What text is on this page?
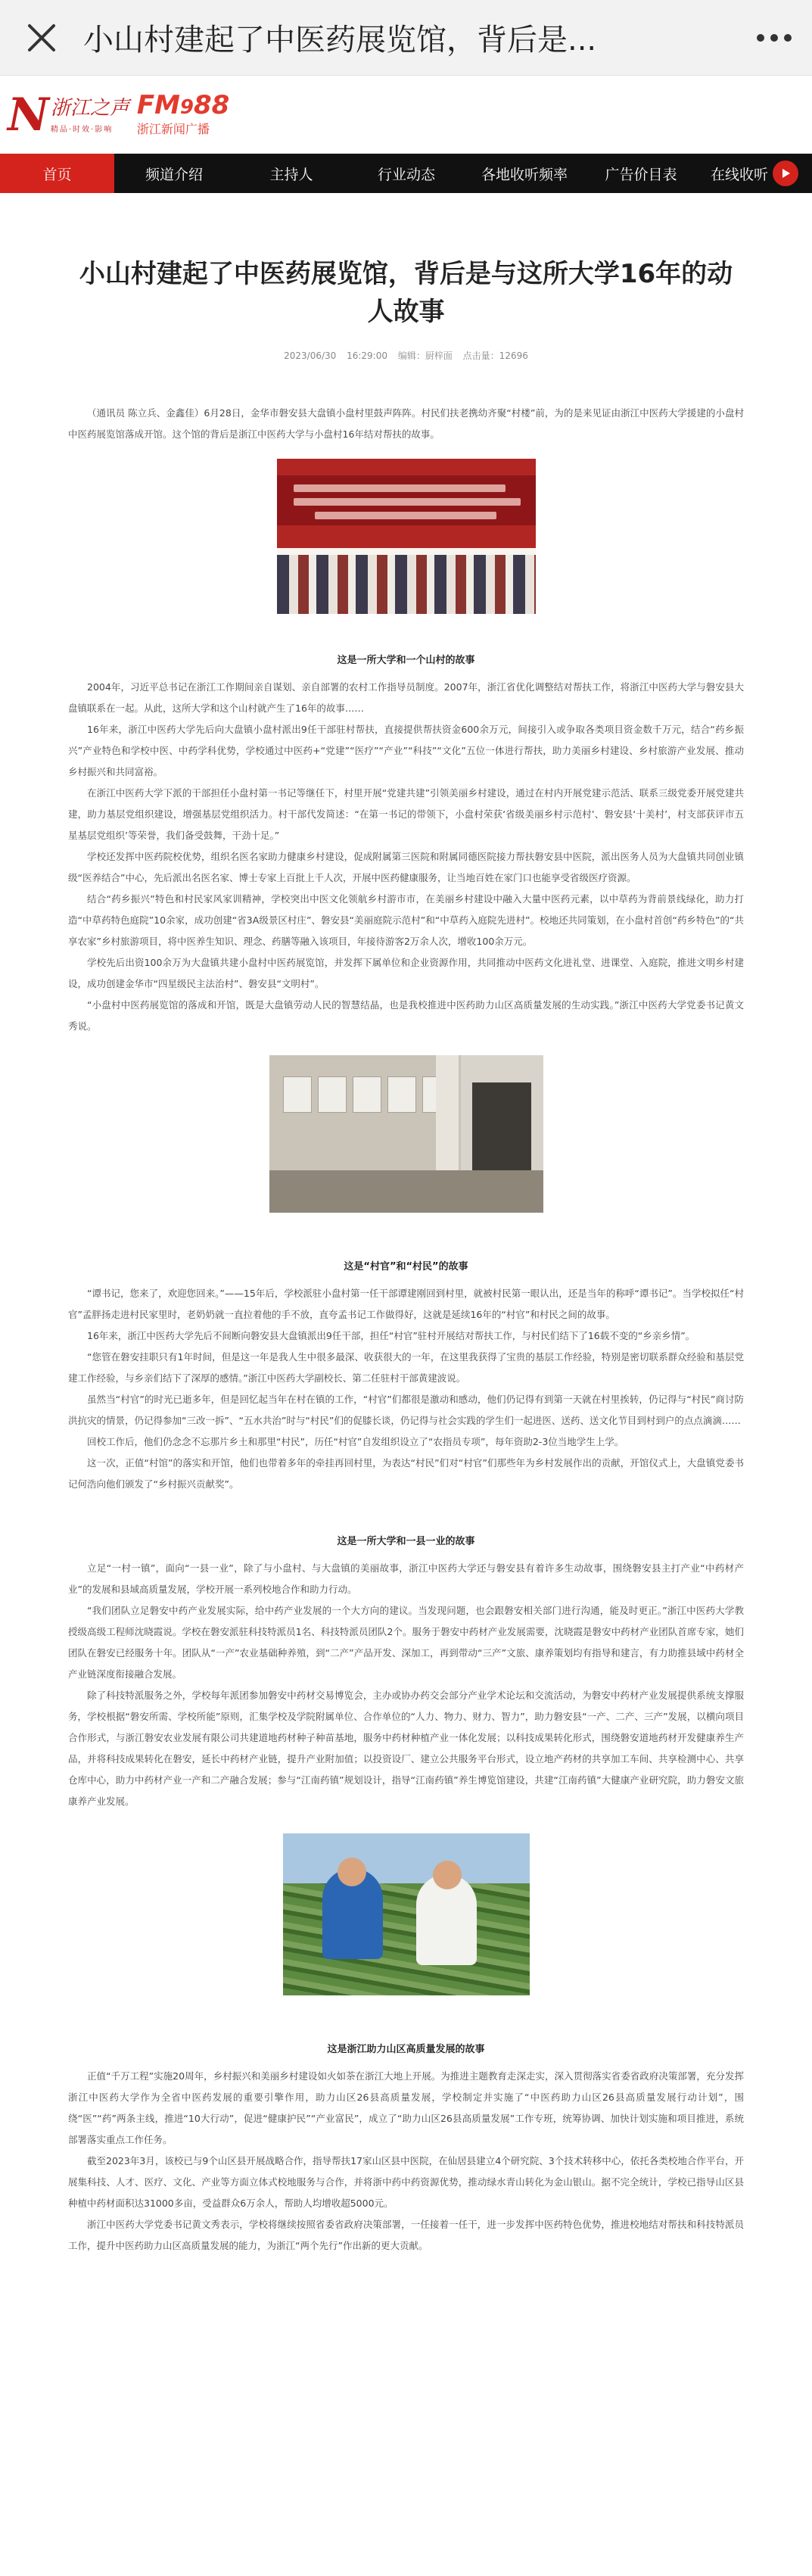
小山村建起了中医药展览馆，背后是...
N 浙江之声
精品·时效·影响
FM988
浙江新闻广播
首页	频道介绍	主持人	行业动态	各地收听频率	广告价目表 在线收听
小山村建起了中医药展览馆，背后是与这所大学16年的动人故事
2023/06/30 16:29:00 编辑：厨梓面 点击量：12696

（通讯员 陈立兵、金鑫佳）6月28日，金华市磐安县大盘镇小盘村里鼓声阵阵。村民们扶老携幼齐聚“村楼”前，为的是来见证由浙江中医药大学援建的小盘村中医药展览馆落成开馆。这个馆的背后是浙江中医药大学与小盘村16年结对帮扶的故事。

这是一所大学和一个山村的故事

2004年，习近平总书记在浙江工作期间亲自谋划、亲自部署的农村工作指导员制度。2007年，浙江省优化调整结对帮扶工作，将浙江中医药大学与磐安县大盘镇联系在一起。从此，这所大学和这个山村就产生了16年的故事……

16年来，浙江中医药大学先后向大盘镇小盘村派出9任干部驻村帮扶，直接提供帮扶资金600余万元，间接引入或争取各类项目资金数千万元，结合“药乡振兴”产业特色和学校中医、中药学科优势，学校通过中医药+“党建”“医疗”“产业”“科技”“文化”五位一体进行帮扶，助力美丽乡村建设、乡村旅游产业发展、推动乡村振兴和共同富裕。

在浙江中医药大学下派的干部担任小盘村第一书记等继任下，村里开展“党建共建”引领美丽乡村建设，通过在村内开展党建示范活、联系三级党委开展党建共建，助力基层党组织建设，增强基层党组织活力。村干部代发简述：“在第一书记的带领下，小盘村荣获‘省级美丽乡村示范村’、磐安县‘十美村’，村支部获评市五星基层党组织’等荣誉，我们备受鼓舞，干劲十足。”

学校还发挥中医药院校优势，组织名医名家助力健康乡村建设，促成附属第三医院和附属同德医院接力帮扶磐安县中医院，派出医务人员为大盘镇共同创业镇级“医养结合”中心，先后派出名医名家、博士专家上百批上千人次，开展中医药健康服务，让当地百姓在家门口也能享受省级医疗资源。

结合“药乡振兴”特色和村民家风家训精神，学校突出中医文化领航乡村游市市，在美丽乡村建设中融入大量中医药元素，以中草药为背前景线绿化，助力打造“中草药特色庭院”10余家，成功创建“省3A级景区村庄”、磐安县“美丽庭院示范村”和“中草药入庭院先进村”。校地还共同策划，在小盘村首创“药乡特色”的“共享农家”乡村旅游项目，将中医养生知识、理念、药膳等融入该项目，年接待游客2万余人次，增收100余万元。

学校先后出资100余万为大盘镇共建小盘村中医药展览馆，并发挥下属单位和企业资源作用，共同推动中医药文化进礼堂、进课堂、入庭院，推进文明乡村建设，成功创建金华市“四星级民主法治村”、磐安县“文明村”。

“小盘村中医药展览馆的落成和开馆，既是大盘镇劳动人民的智慧结晶，也是我校推进中医药助力山区高质量发展的生动实践。”浙江中医药大学党委书记黄文秀说。

这是“村官”和“村民”的故事

“谭书记，您来了，欢迎您回来。”——15年后，学校派驻小盘村第一任干部谭建刚回到村里，就被村民第一眼认出，还是当年的称呼“谭书记”。当学校拟任“村官”孟胖扬走进村民家里时，老奶奶就一直拉着他的手不放，直夸孟书记工作做得好，这就是延续16年的“村官”和村民之间的故事。

16年来，浙江中医药大学先后不间断向磐安县大盘镇派出9任干部，担任“村官”驻村开展结对帮扶工作，与村民们结下了16载不变的“乡亲乡情”。

“您管在磐安挂职只有1年时间，但是这一年是我人生中很多最深、收获很大的一年，在这里我获得了宝贵的基层工作经验，特别是密切联系群众经验和基层党建工作经验，与乡亲们结下了深厚的感情。”浙江中医药大学副校长、第二任驻村干部黄建波说。

虽然当“村官”的时光已逝多年，但是回忆起当年在村在镇的工作，“村官”们都很是激动和感动，他们仍记得有到第一天就在村里挨转，仍记得与“村民”商讨防洪抗灾的情景，仍记得参加“三改一拆”、“五水共治”时与“村民”们的促膝长谈，仍记得与社会实践的学生们一起进医、送药、送文化节目到村到户的点点滴滴……

回校工作后，他们仍念念不忘那片乡土和那里“村民”，历任“村官”自发组织设立了“农指员专项”，每年资助2-3位当地学生上学。

这一次，正值“村馆”的落实和开馆，他们也带着多年的牵挂再回村里，为表达“村民”们对“村官”们那些年为乡村发展作出的贡献，开馆仪式上，大盘镇党委书记何浩向他们颁发了“乡村振兴贡献奖”。

这是一所大学和一县一业的故事

立足“一村一镇”，面向“一县一业”，除了与小盘村、与大盘镇的美丽故事，浙江中医药大学还与磐安县有着许多生动故事，围绕磐安县主打产业“中药材产业”的发展和县域高质量发展，学校开展一系列校地合作和助力行动。

“我们团队立足磐安中药产业发展实际，给中药产业发展的一个大方向的建议。当发现问题，也会跟磐安相关部门进行沟通，能及时更正。”浙江中医药大学教授级高级工程师沈晓霞说。学校在磐安派驻科技特派员1名、科技特派员团队2个。服务于磐安中药材产业发展需要，沈晓霞是磐安中药材产业团队首席专家，她们团队在磐安已经服务十年。团队从“一产”农业基础种养殖，到“二产”产品开发、深加工，再到带动“三产”文旅、康养策划均有指导和建言，有力助推县域中药材全产业链深度衔接融合发展。

除了科技特派服务之外，学校每年派团参加磐安中药材交易博览会，主办或协办药交会部分产业学术论坛和交流活动，为磐安中药材产业发展提供系统支撑服务，学校根据“磐安所需、学校所能”原则，汇集学校及学院附属单位、合作单位的“人力、物力、财力、智力”，助力磐安县“一产、二产、三产”发展，以横向项目合作形式，与浙江磐安农业发展有限公司共建道地药材种子种苗基地，服务中药材种植产业一体化发展；以科技成果转化形式，围绕磐安道地药材开发健康养生产品，并将科技成果转化在磐安，延长中药材产业链，提升产业附加值；以投资设厂、建立公共服务平台形式，设立地产药材的共享加工车间、共享检测中心、共享仓库中心，助力中药材产业一产和二产融合发展；参与“江南药镇”规划设计，指导“江南药镇”养生博览馆建设，共建“江南药镇”大健康产业研究院，助力磐安文旅康养产业发展。

这是浙江助力山区高质量发展的故事

正值“千万工程”实施20周年，乡村振兴和美丽乡村建设如火如荼在浙江大地上开展。为推进主题教育走深走实，深入贯彻落实省委省政府决策部署，充分发挥浙江中医药大学作为全省中医药发展的重要引擎作用，助力山区26县高质量发展，学校制定并实施了“中医药助力山区26县高质量发展行动计划”，围绕“医”“药”两条主线，推进“10大行动”，促进“健康护民”“产业富民”，成立了“助力山区26县高质量发展”工作专班，统筹协调、加快计划实施和项目推进，系统部署落实重点工作任务。

截至2023年3月，该校已与9个山区县开展战略合作，指导帮扶17家山区县中医院，在仙居县建立4个研究院、3个技术转移中心，依托各类校地合作平台，开展集科技、人才、医疗、文化、产业等方面立体式校地服务与合作，并将浙中药中药资源优势，推动绿水青山转化为金山银山。据不完全统计，学校已指导山区县种植中药材面积达31000多亩，受益群众6万余人，帮助人均增收超5000元。

浙江中医药大学党委书记黄文秀表示，学校将继续按照省委省政府决策部署，一任接着一任干，进一步发挥中医药特色优势，推进校地结对帮扶和科技特派员工作，提升中医药助力山区高质量发展的能力，为浙江“两个先行”作出新的更大贡献。
